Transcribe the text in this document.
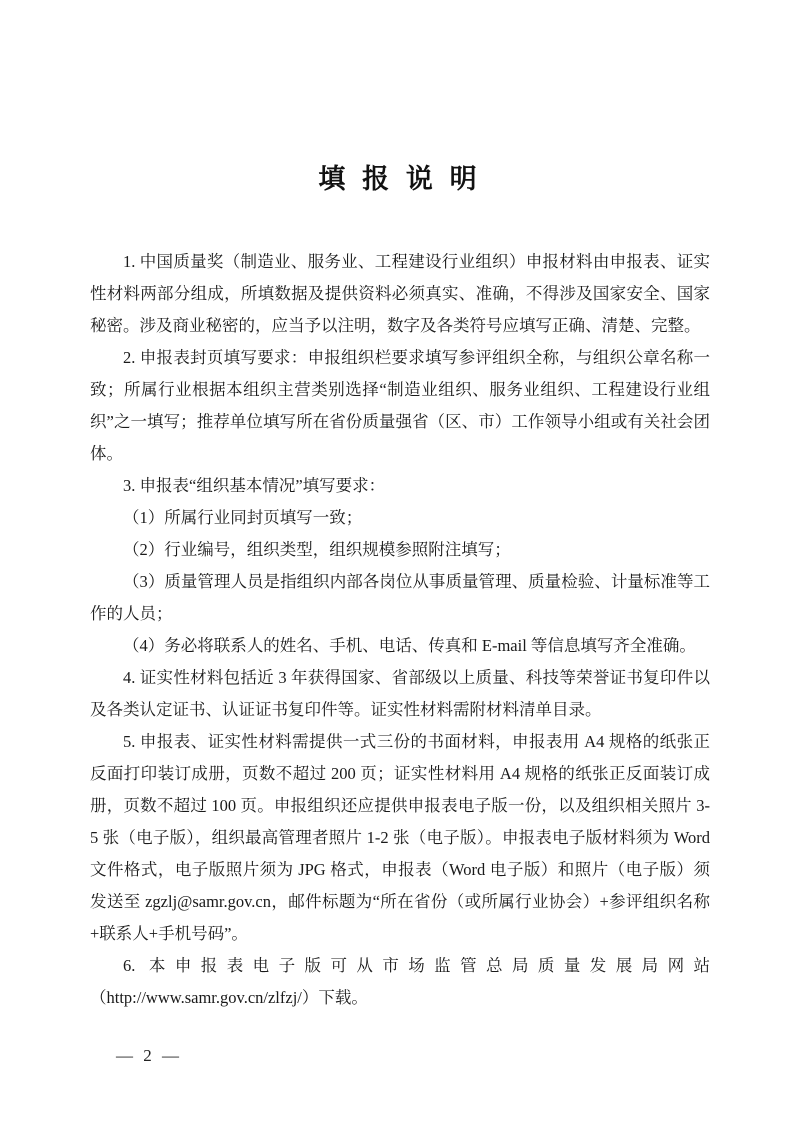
填 报 说 明

1. 中国质量奖（制造业、服务业、工程建设行业组织）申报材料由申报表、证实性材料两部分组成，所填数据及提供资料必须真实、准确，不得涉及国家安全、国家秘密。涉及商业秘密的，应当予以注明，数字及各类符号应填写正确、清楚、完整。

2. 申报表封页填写要求：申报组织栏要求填写参评组织全称，与组织公章名称一致；所属行业根据本组织主营类别选择“制造业组织、服务业组织、工程建设行业组织”之一填写；推荐单位填写所在省份质量强省（区、市）工作领导小组或有关社会团体。

3. 申报表“组织基本情况”填写要求：

（1）所属行业同封页填写一致；

（2）行业编号，组织类型，组织规模参照附注填写；

（3）质量管理人员是指组织内部各岗位从事质量管理、质量检验、计量标准等工作的人员；

（4）务必将联系人的姓名、手机、电话、传真和 E-mail 等信息填写齐全准确。

4. 证实性材料包括近 3 年获得国家、省部级以上质量、科技等荣誉证书复印件以及各类认定证书、认证证书复印件等。证实性材料需附材料清单目录。

5. 申报表、证实性材料需提供一式三份的书面材料，申报表用 A4 规格的纸张正反面打印装订成册，页数不超过 200 页；证实性材料用 A4 规格的纸张正反面装订成册，页数不超过 100 页。申报组织还应提供申报表电子版一份，以及组织相关照片 3-5 张（电子版），组织最高管理者照片 1-2 张（电子版）。申报表电子版材料须为 Word 文件格式，电子版照片须为 JPG 格式，申报表（Word 电子版）和照片（电子版）须发送至 zgzlj@samr.gov.cn，邮件标题为“所在省份（或所属行业协会）+参评组织名称+联系人+手机号码”。

6. 本申报表电子版可从市场监管总局质量发展局网站（http://www.samr.gov.cn/zlfzj/）下载。

— 2 —
